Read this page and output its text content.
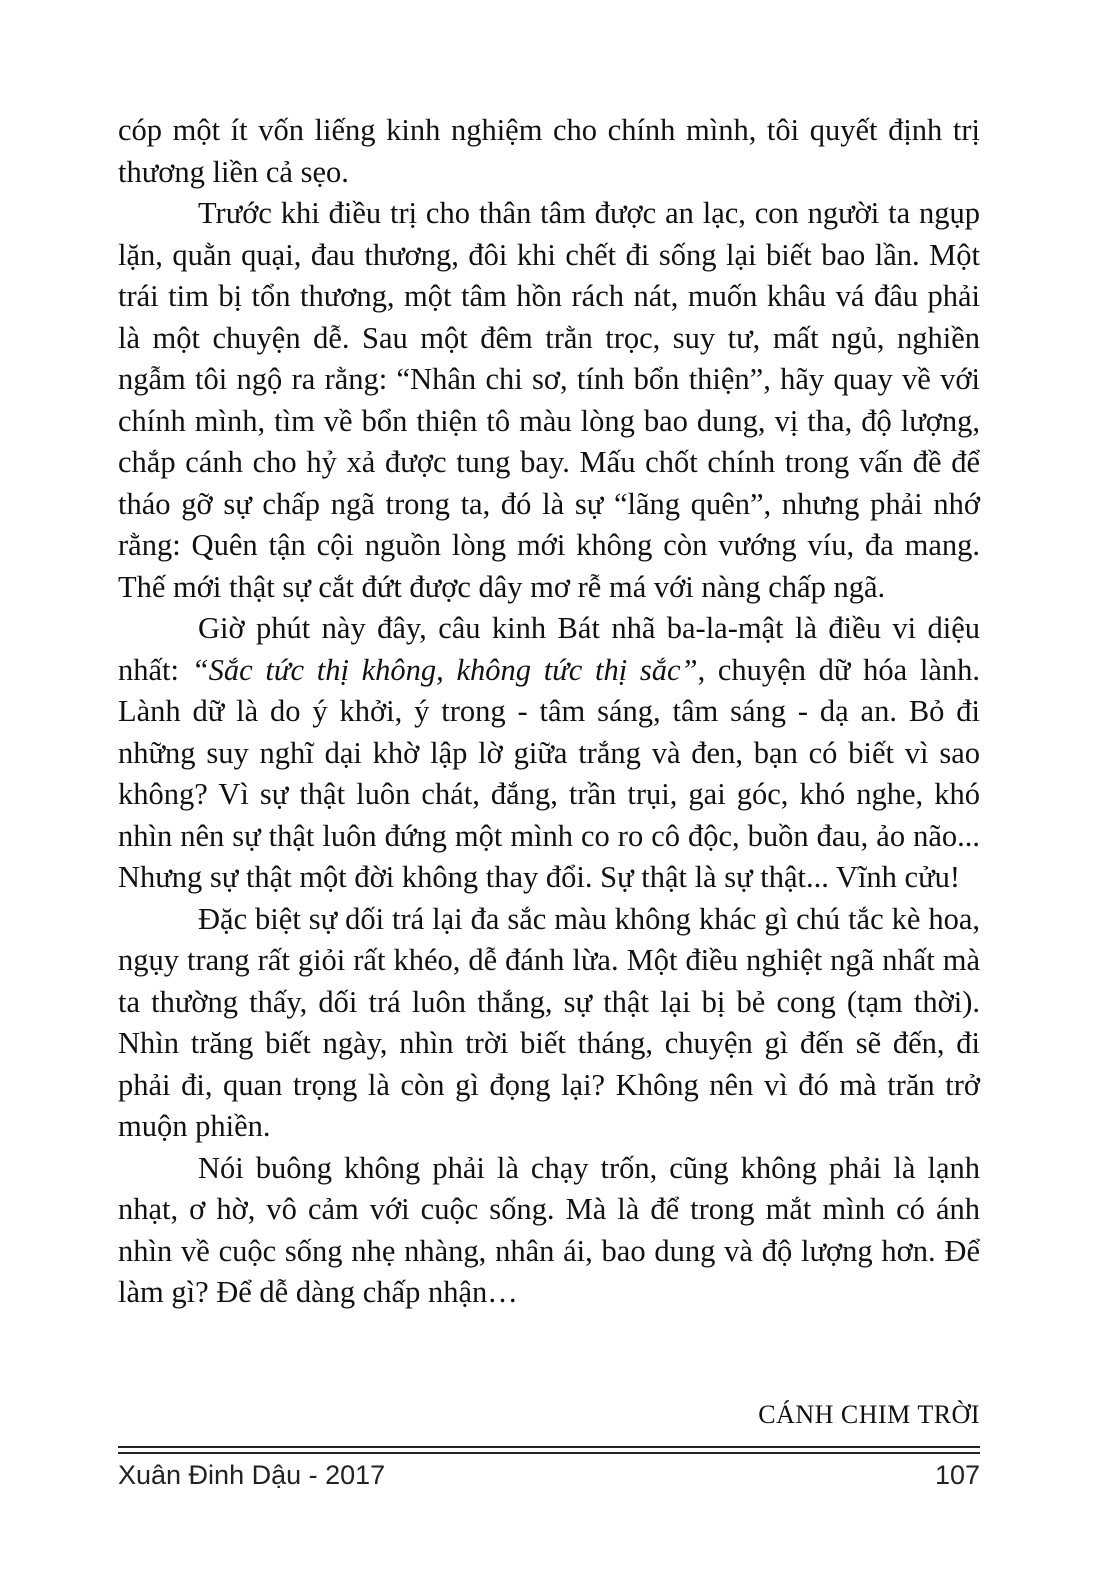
cóp một ít vốn liếng kinh nghiệm cho chính mình, tôi quyết định trị thương liền cả sẹo.

Trước khi điều trị cho thân tâm được an lạc, con người ta ngụp lặn, quằn quại, đau thương, đôi khi chết đi sống lại biết bao lần. Một trái tim bị tổn thương, một tâm hồn rách nát, muốn khâu vá đâu phải là một chuyện dễ. Sau một đêm trằn trọc, suy tư, mất ngủ, nghiền ngẫm tôi ngộ ra rằng: “Nhân chi sơ, tính bổn thiện”, hãy quay về với chính mình, tìm về bổn thiện tô màu lòng bao dung, vị tha, độ lượng, chắp cánh cho hỷ xả được tung bay. Mấu chốt chính trong vấn đề để tháo gỡ sự chấp ngã trong ta, đó là sự “lãng quên”, nhưng phải nhớ rằng: Quên tận cội nguồn lòng mới không còn vướng víu, đa mang. Thế mới thật sự cắt đứt được dây mơ rễ má với nàng chấp ngã.

Giờ phút này đây, câu kinh Bát nhã ba-la-mật là điều vi diệu nhất: “Sắc tức thị không, không tức thị sắc”, chuyện dữ hóa lành. Lành dữ là do ý khởi, ý trong - tâm sáng, tâm sáng - dạ an. Bỏ đi những suy nghĩ dại khờ lập lờ giữa trắng và đen, bạn có biết vì sao không? Vì sự thật luôn chát, đắng, trần trụi, gai góc, khó nghe, khó nhìn nên sự thật luôn đứng một mình co ro cô độc, buồn đau, ảo não... Nhưng sự thật một đời không thay đổi. Sự thật là sự thật... Vĩnh cửu!

Đặc biệt sự dối trá lại đa sắc màu không khác gì chú tắc kè hoa, ngụy trang rất giỏi rất khéo, dễ đánh lừa. Một điều nghiệt ngã nhất mà ta thường thấy, dối trá luôn thắng, sự thật lại bị bẻ cong (tạm thời). Nhìn trăng biết ngày, nhìn trời biết tháng, chuyện gì đến sẽ đến, đi phải đi, quan trọng là còn gì đọng lại? Không nên vì đó mà trăn trở muộn phiền.

Nói buông không phải là chạy trốn, cũng không phải là lạnh nhạt, ơ hờ, vô cảm với cuộc sống. Mà là để trong mắt mình có ánh nhìn về cuộc sống nhẹ nhàng, nhân ái, bao dung và độ lượng hơn. Để làm gì? Để dễ dàng chấp nhận…

CÁNH CHIM TRỜI
Xuân Đinh Dậu - 2017	107
